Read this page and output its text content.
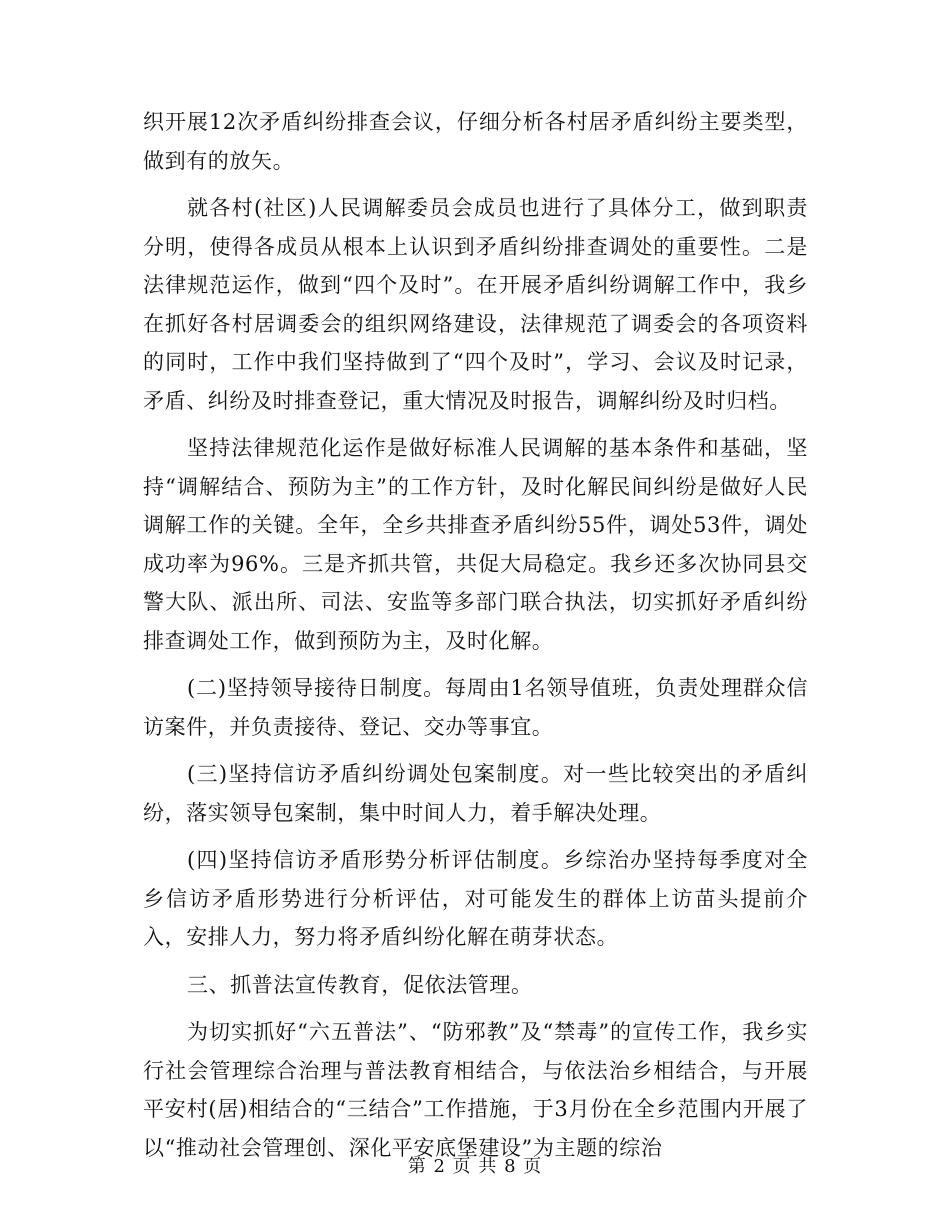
织开展12次矛盾纠纷排查会议，仔细分析各村居矛盾纠纷主要类型，做到有的放矢。

就各村(社区)人民调解委员会成员也进行了具体分工，做到职责分明，使得各成员从根本上认识到矛盾纠纷排查调处的重要性。二是法律规范运作，做到“四个及时”。在开展矛盾纠纷调解工作中，我乡在抓好各村居调委会的组织网络建设，法律规范了调委会的各项资料的同时，工作中我们坚持做到了“四个及时”，学习、会议及时记录，矛盾、纠纷及时排查登记，重大情况及时报告，调解纠纷及时归档。

坚持法律规范化运作是做好标准人民调解的基本条件和基础，坚持“调解结合、预防为主”的工作方针，及时化解民间纠纷是做好人民调解工作的关键。全年，全乡共排查矛盾纠纷55件，调处53件，调处成功率为96%。三是齐抓共管，共促大局稳定。我乡还多次协同县交警大队、派出所、司法、安监等多部门联合执法，切实抓好矛盾纠纷排查调处工作，做到预防为主，及时化解。

(二)坚持领导接待日制度。每周由1名领导值班，负责处理群众信访案件，并负责接待、登记、交办等事宜。

(三)坚持信访矛盾纠纷调处包案制度。对一些比较突出的矛盾纠纷，落实领导包案制，集中时间人力，着手解决处理。

(四)坚持信访矛盾形势分析评估制度。乡综治办坚持每季度对全乡信访矛盾形势进行分析评估，对可能发生的群体上访苗头提前介入，安排人力，努力将矛盾纠纷化解在萌芽状态。

三、抓普法宣传教育，促依法管理。

为切实抓好“六五普法”、“防邪教”及“禁毒”的宣传工作，我乡实行社会管理综合治理与普法教育相结合，与依法治乡相结合，与开展平安村(居)相结合的“三结合”工作措施，于3月份在全乡范围内开展了以“推动社会管理创、深化平安底堡建设”为主题的综治

第 2 页 共 8 页
